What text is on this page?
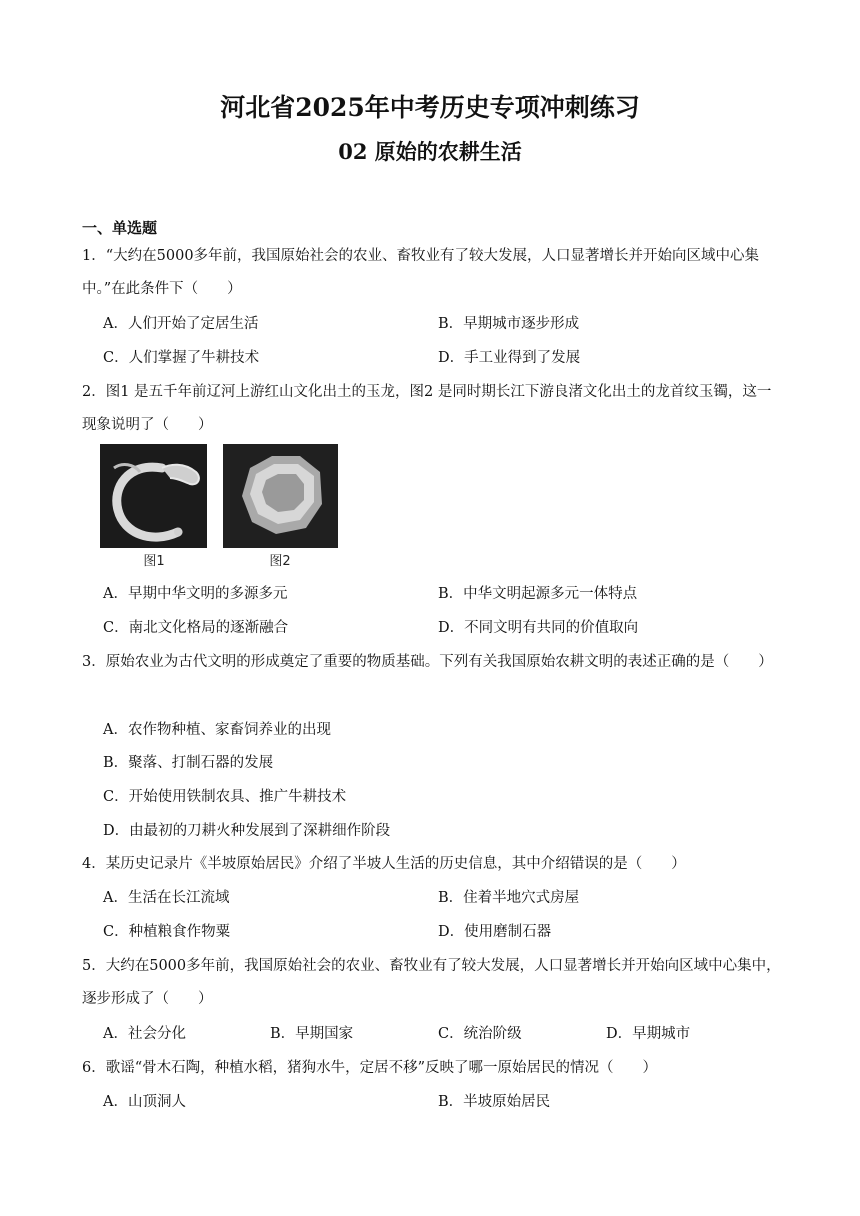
河北省2025年中考历史专项冲刺练习
02 原始的农耕生活
一、单选题
1．“大约在5000多年前，我国原始社会的农业、畜牧业有了较大发展，人口显著增长并开始向区域中心集中。”在此条件下（　　）
A．人们开始了定居生活	B．早期城市逐步形成
C．人们掌握了牛耕技术	D．手工业得到了发展
2．图1 是五千年前辽河上游红山文化出土的玉龙，图2 是同时期长江下游良渚文化出土的龙首纹玉镯，这一现象说明了（　　）
图1	图2
A．早期中华文明的多源多元	B．中华文明起源多元一体特点
C．南北文化格局的逐渐融合	D．不同文明有共同的价值取向
3．原始农业为古代文明的形成奠定了重要的物质基础。下列有关我国原始农耕文明的表述正确的是（　　）
A．农作物种植、家畜饲养业的出现
B．聚落、打制石器的发展
C．开始使用铁制农具、推广牛耕技术
D．由最初的刀耕火种发展到了深耕细作阶段
4．某历史记录片《半坡原始居民》介绍了半坡人生活的历史信息，其中介绍错误的是（　　）
A．生活在长江流域	B．住着半地穴式房屋
C．种植粮食作物粟	D．使用磨制石器
5．大约在5000多年前，我国原始社会的农业、畜牧业有了较大发展，人口显著增长并开始向区域中心集中，逐步形成了（　　）
A．社会分化	B．早期国家	C．统治阶级	D．早期城市
6．歌谣“骨木石陶，种植水稻，猪狗水牛，定居不移”反映了哪一原始居民的情况（　　）
A．山顶洞人	B．半坡原始居民
